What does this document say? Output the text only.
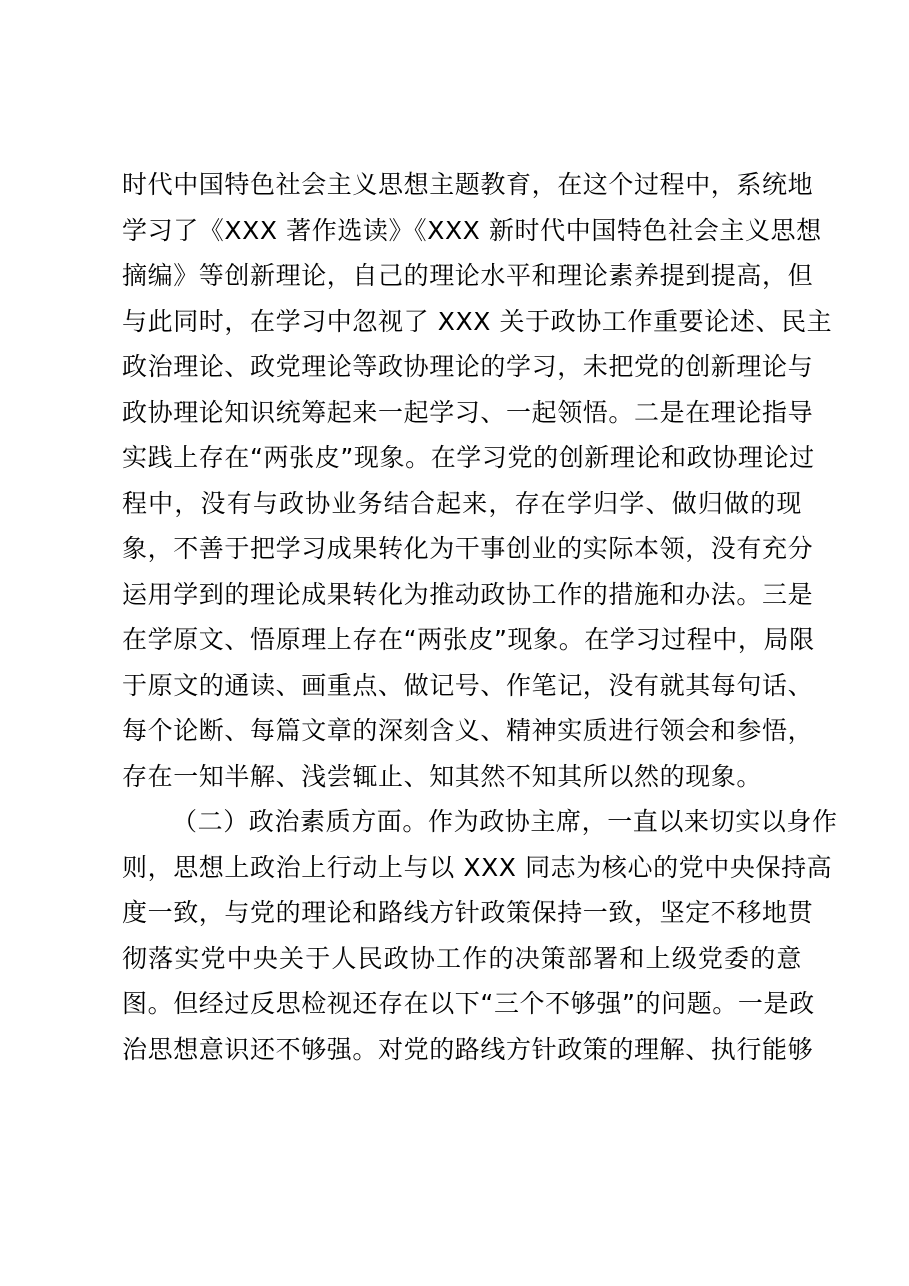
时代中国特色社会主义思想主题教育，在这个过程中，系统地
学习了《XXX 著作选读》《XXX 新时代中国特色社会主义思想
摘编》等创新理论，自己的理论水平和理论素养提到提高，但
与此同时，在学习中忽视了 XXX 关于政协工作重要论述、民主
政治理论、政党理论等政协理论的学习，未把党的创新理论与
政协理论知识统筹起来一起学习、一起领悟。二是在理论指导
实践上存在“两张皮”现象。在学习党的创新理论和政协理论过
程中，没有与政协业务结合起来，存在学归学、做归做的现
象，不善于把学习成果转化为干事创业的实际本领，没有充分
运用学到的理论成果转化为推动政协工作的措施和办法。三是
在学原文、悟原理上存在“两张皮”现象。在学习过程中，局限
于原文的通读、画重点、做记号、作笔记，没有就其每句话、
每个论断、每篇文章的深刻含义、精神实质进行领会和参悟，
存在一知半解、浅尝辄止、知其然不知其所以然的现象。
（二）政治素质方面。作为政协主席，一直以来切实以身作
则，思想上政治上行动上与以 XXX 同志为核心的党中央保持高
度一致，与党的理论和路线方针政策保持一致，坚定不移地贯
彻落实党中央关于人民政协工作的决策部署和上级党委的意
图。但经过反思检视还存在以下“三个不够强”的问题。一是政
治思想意识还不够强。对党的路线方针政策的理解、执行能够
